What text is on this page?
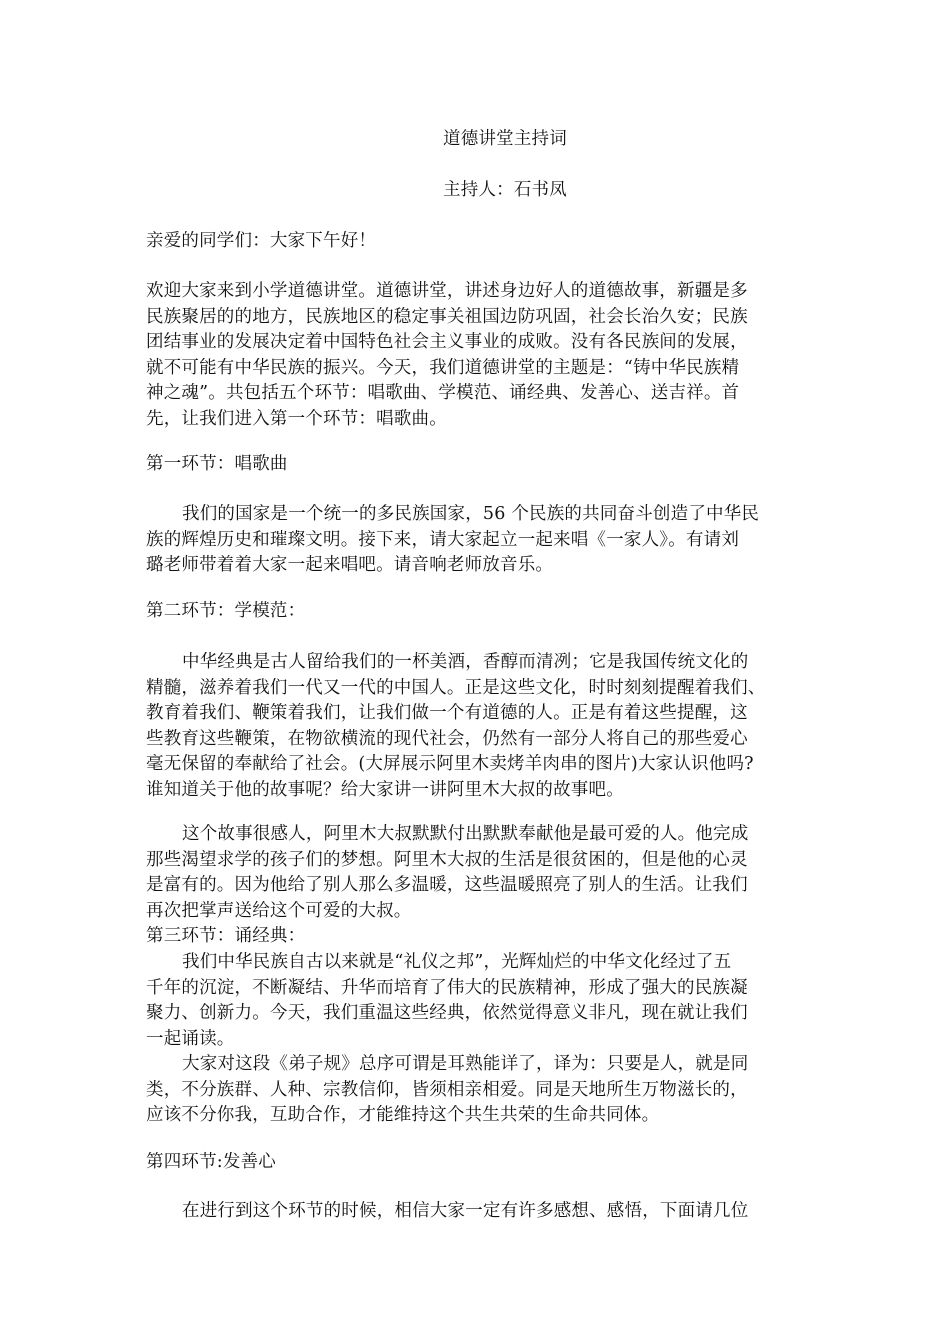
道德讲堂主持词
主持人：石书凤
亲爱的同学们：大家下午好！
欢迎大家来到小学道德讲堂。道德讲堂，讲述身边好人的道德故事，新疆是多
民族聚居的的地方，民族地区的稳定事关祖国边防巩固，社会长治久安；民族
团结事业的发展决定着中国特色社会主义事业的成败。没有各民族间的发展，
就不可能有中华民族的振兴。今天，我们道德讲堂的主题是：“铸中华民族精
神之魂”。共包括五个环节：唱歌曲、学模范、诵经典、发善心、送吉祥。首
先，让我们进入第一个环节：唱歌曲。
第一环节：唱歌曲
我们的国家是一个统一的多民族国家，56 个民族的共同奋斗创造了中华民
族的辉煌历史和璀璨文明。接下来，请大家起立一起来唱《一家人》。有请刘
璐老师带着着大家一起来唱吧。请音响老师放音乐。
第二环节：学模范：
中华经典是古人留给我们的一杯美酒，香醇而清冽；它是我国传统文化的
精髓，滋养着我们一代又一代的中国人。正是这些文化，时时刻刻提醒着我们、
教育着我们、鞭策着我们，让我们做一个有道德的人。正是有着这些提醒，这
些教育这些鞭策，在物欲横流的现代社会，仍然有一部分人将自己的那些爱心
毫无保留的奉献给了社会。(大屏展示阿里木卖烤羊肉串的图片)大家认识他吗?
谁知道关于他的故事呢？给大家讲一讲阿里木大叔的故事吧。
这个故事很感人，阿里木大叔默默付出默默奉献他是最可爱的人。他完成
那些渴望求学的孩子们的梦想。阿里木大叔的生活是很贫困的，但是他的心灵
是富有的。因为他给了别人那么多温暖，这些温暖照亮了别人的生活。让我们
再次把掌声送给这个可爱的大叔。
第三环节：诵经典：
我们中华民族自古以来就是“礼仪之邦”，光辉灿烂的中华文化经过了五
千年的沉淀，不断凝结、升华而培育了伟大的民族精神，形成了强大的民族凝
聚力、创新力。今天，我们重温这些经典，依然觉得意义非凡，现在就让我们
一起诵读。
大家对这段《弟子规》总序可谓是耳熟能详了，译为：只要是人，就是同
类，不分族群、人种、宗教信仰，皆须相亲相爱。同是天地所生万物滋长的，
应该不分你我，互助合作，才能维持这个共生共荣的生命共同体。
第四环节:发善心
在进行到这个环节的时候，相信大家一定有许多感想、感悟，下面请几位
